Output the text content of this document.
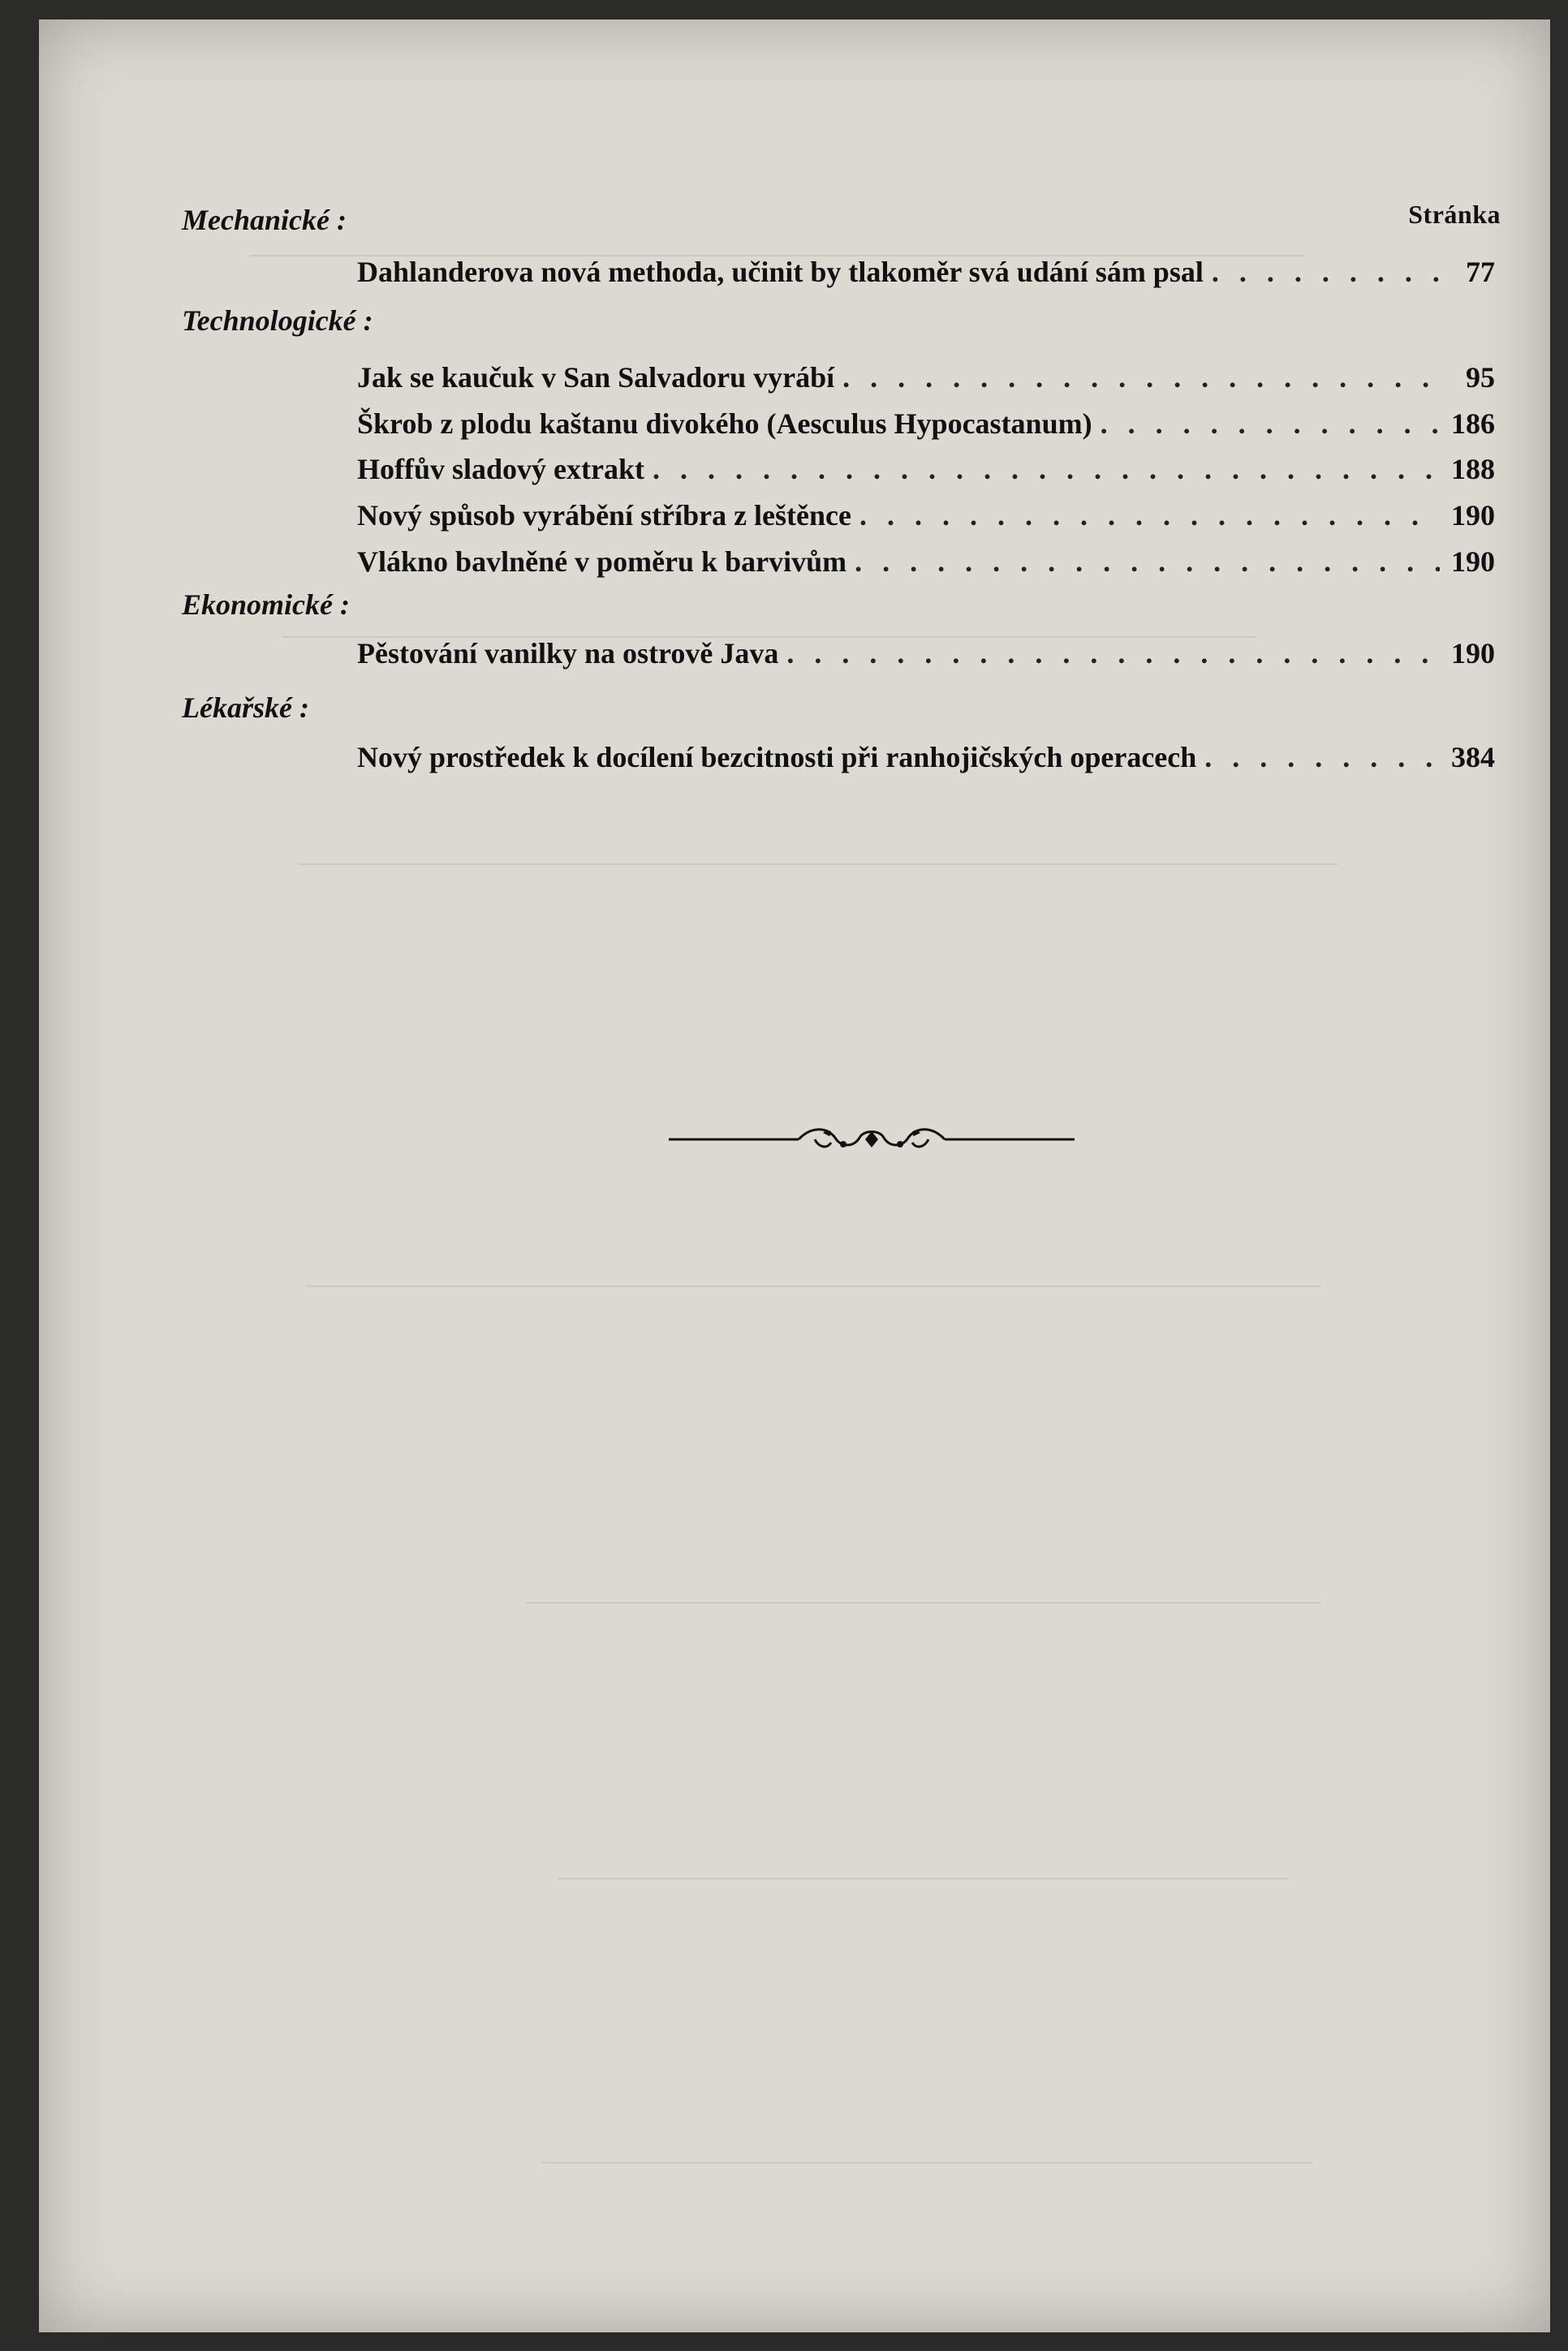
Stránka
Mechanické :
Dahlanderova nová methoda, učinit by tlakoměr svá udání sám psal . . .	77
Technologické :
Jak se kaučuk v San Salvadoru vyrábí . . .	95
Škrob z plodu kaštanu divokého (Aesculus Hypocastanum) . . .	186
Hoffův sladový extrakt . . .	188
Nový spůsob vyrábění stříbra z leštěnce . . .	190
Vlákno bavlněné v poměru k barvivům . . .	190
Ekonomické :
Pěstování vanilky na ostrově Java . . .	190
Lékařské :
Nový prostředek k docílení bezcitnosti při ranhojičských operacech . . .	384
